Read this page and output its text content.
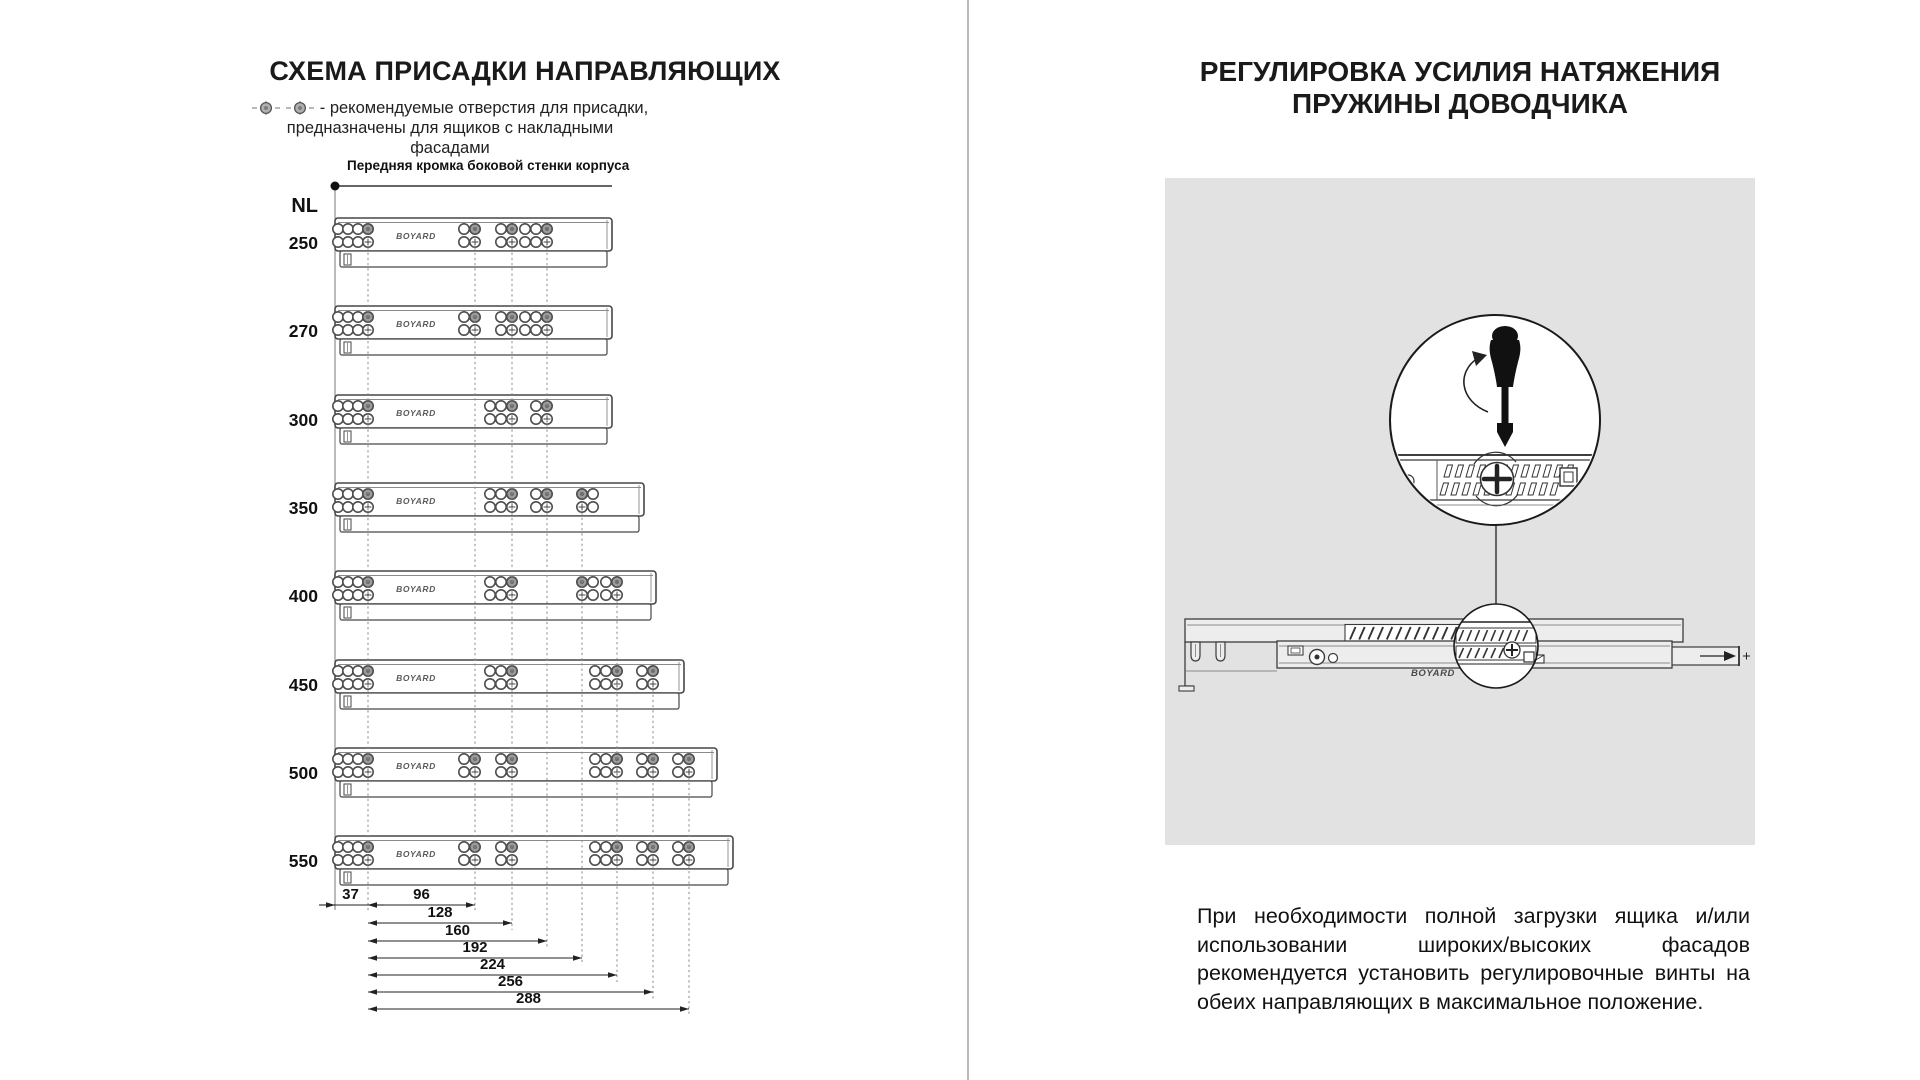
СХЕМА ПРИСАДКИ НАПРАВЛЯЮЩИХ
- рекомендуемые отверстия для присадки,
предназначены для ящиков с накладными фасадами
Передняя кромка боковой стенки корпуса
BOYARD
BOYARD
BOYARD
BOYARD
BOYARD
BOYARD
BOYARD
BOYARD
37	96
128
160
192
224
256
288
NL
250
270
300
350
400
450
500
550
РЕГУЛИРОВКА УСИЛИЯ НАТЯЖЕНИЯ
ПРУЖИНЫ ДОВОДЧИКА
BOYARD
При необходимости полной загрузки ящика и/или использовании широких/высоких фасадов рекомендуется установить регулировочные винты на обеих направляющих в максимальное положение.
